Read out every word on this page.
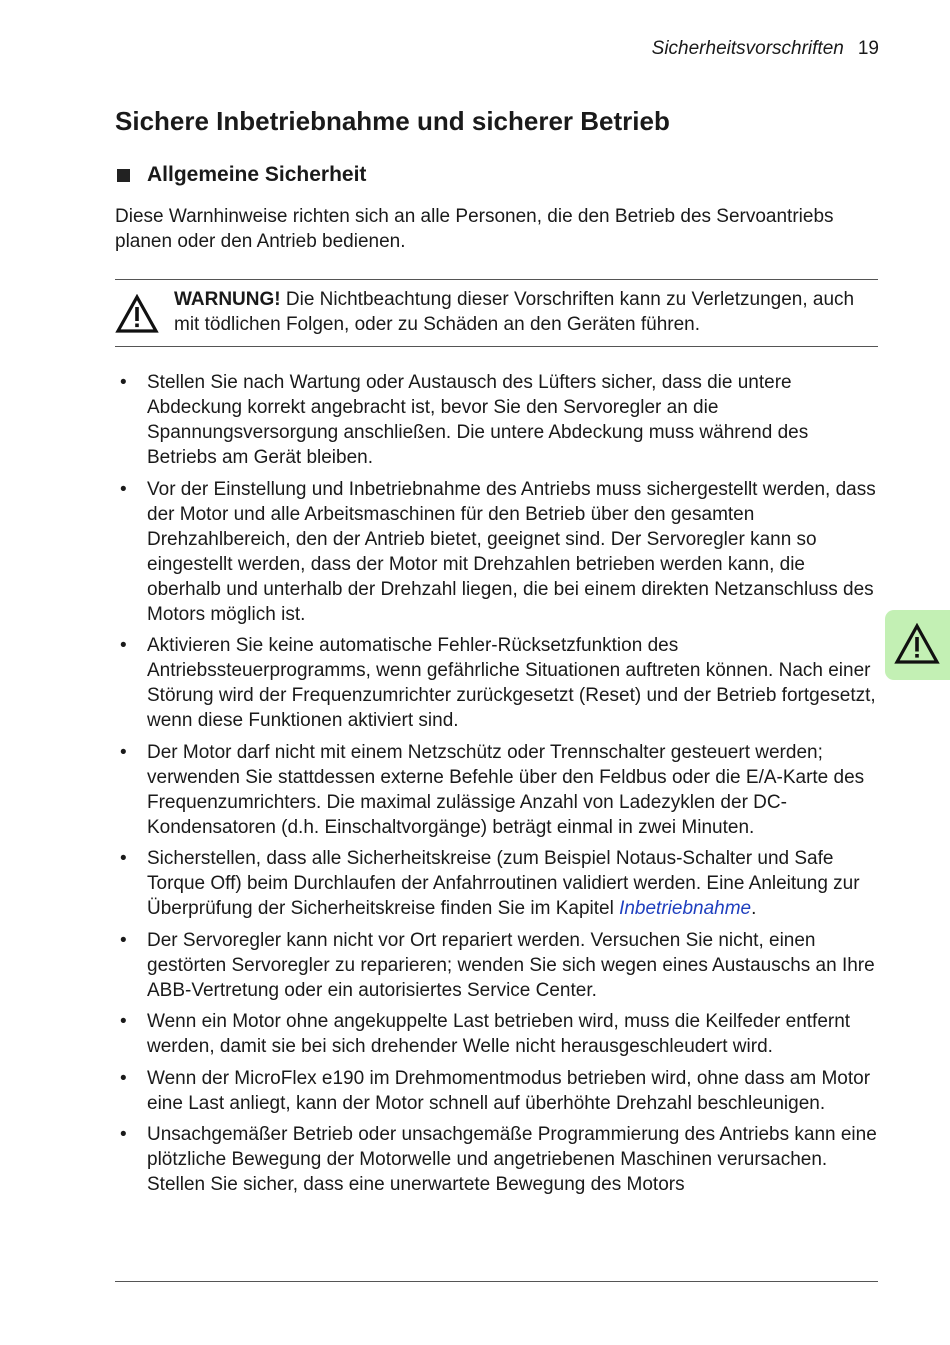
Sicherheitsvorschriften 19
Sichere Inbetriebnahme und sicherer Betrieb
Allgemeine Sicherheit

Diese Warnhinweise richten sich an alle Personen, die den Betrieb des Servoantriebs planen oder den Antrieb bedienen.

WARNUNG! Die Nichtbeachtung dieser Vorschriften kann zu Verletzungen, auch mit tödlichen Folgen, oder zu Schäden an den Geräten führen.

• Stellen Sie nach Wartung oder Austausch des Lüfters sicher, dass die untere Abdeckung korrekt angebracht ist, bevor Sie den Servoregler an die Spannungsversorgung anschließen. Die untere Abdeckung muss während des Betriebs am Gerät bleiben.
• Vor der Einstellung und Inbetriebnahme des Antriebs muss sichergestellt werden, dass der Motor und alle Arbeitsmaschinen für den Betrieb über den gesamten Drehzahlbereich, den der Antrieb bietet, geeignet sind. Der Servoregler kann so eingestellt werden, dass der Motor mit Drehzahlen betrieben werden kann, die oberhalb und unterhalb der Drehzahl liegen, die bei einem direkten Netzanschluss des Motors möglich ist.
• Aktivieren Sie keine automatische Fehler-Rücksetzfunktion des Antriebssteuerprogramms, wenn gefährliche Situationen auftreten können. Nach einer Störung wird der Frequenzumrichter zurückgesetzt (Reset) und der Betrieb fortgesetzt, wenn diese Funktionen aktiviert sind.
• Der Motor darf nicht mit einem Netzschütz oder Trennschalter gesteuert werden; verwenden Sie stattdessen externe Befehle über den Feldbus oder die E/A-Karte des Frequenzumrichters. Die maximal zulässige Anzahl von Ladezyklen der DC-Kondensatoren (d.h. Einschaltvorgänge) beträgt einmal in zwei Minuten.
• Sicherstellen, dass alle Sicherheitskreise (zum Beispiel Notaus-Schalter und Safe Torque Off) beim Durchlaufen der Anfahrroutinen validiert werden. Eine Anleitung zur Überprüfung der Sicherheitskreise finden Sie im Kapitel Inbetriebnahme.
• Der Servoregler kann nicht vor Ort repariert werden. Versuchen Sie nicht, einen gestörten Servoregler zu reparieren; wenden Sie sich wegen eines Austauschs an Ihre ABB-Vertretung oder ein autorisiertes Service Center.
• Wenn ein Motor ohne angekuppelte Last betrieben wird, muss die Keilfeder entfernt werden, damit sie bei sich drehender Welle nicht herausgeschleudert wird.
• Wenn der MicroFlex e190 im Drehmomentmodus betrieben wird, ohne dass am Motor eine Last anliegt, kann der Motor schnell auf überhöhte Drehzahl beschleunigen.
• Unsachgemäßer Betrieb oder unsachgemäße Programmierung des Antriebs kann eine plötzliche Bewegung der Motorwelle und angetriebenen Maschinen verursachen. Stellen Sie sicher, dass eine unerwartete Bewegung des Motors
